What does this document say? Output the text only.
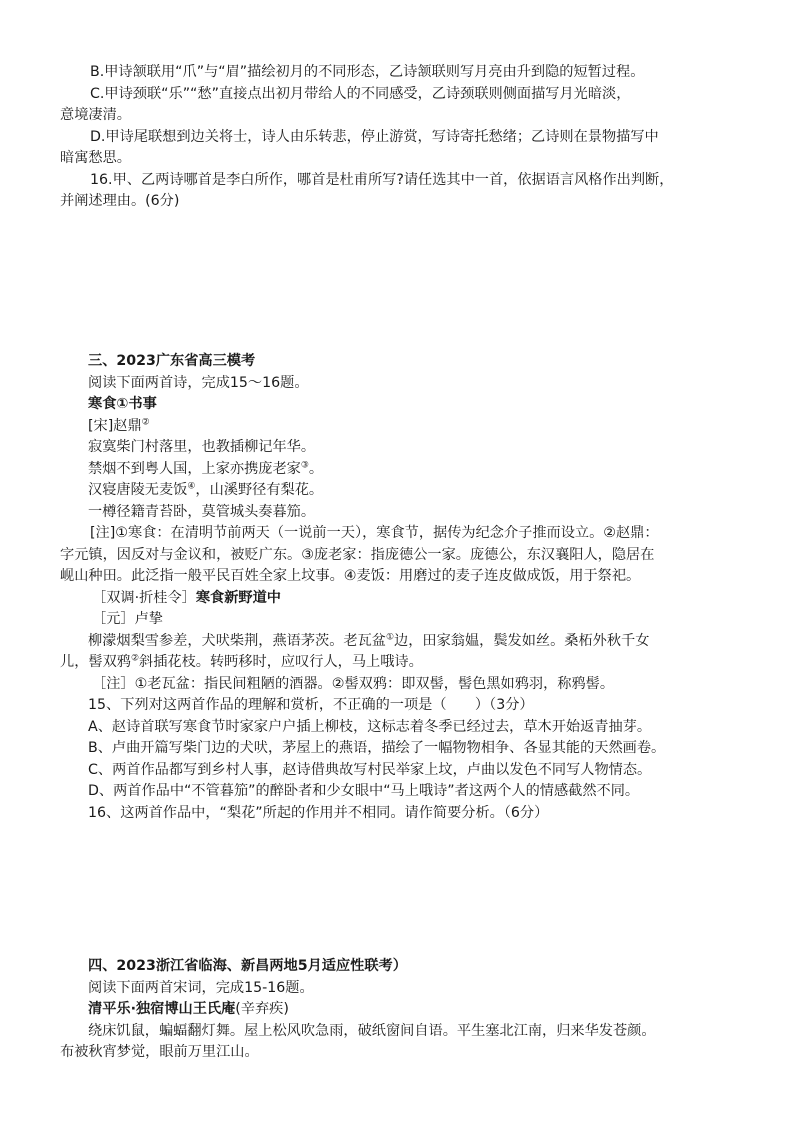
B.甲诗颔联用“爪”与“眉”描绘初月的不同形态，乙诗颔联则写月亮由升到隐的短暂过程。

C.甲诗颈联“乐”“愁”直接点出初月带给人的不同感受，乙诗颈联则侧面描写月光暗淡，

意境凄清。

D.甲诗尾联想到边关将士，诗人由乐转悲，停止游赏，写诗寄托愁绪；乙诗则在景物描写中

暗寓愁思。

16.甲、乙两诗哪首是李白所作，哪首是杜甫所写?请任选其中一首，依据语言风格作出判断，

并阐述理由。(6分)

三、2023广东省高三模考

阅读下面两首诗，完成15～16题。

寒食①书事

[宋]赵鼎②

寂寞柴门村落里，也教插柳记年华。

禁烟不到粤人国，上家亦携庞老家③。

汉寝唐陵无麦饭④，山溪野径有梨花。

一樽径籍青苔卧，莫管城头奏暮笳。

[注]①寒食：在清明节前两天（一说前一天），寒食节，据传为纪念介子推而设立。②赵鼎：

字元镇，因反对与金议和，被贬广东。③庞老家：指庞德公一家。庞德公，东汉襄阳人，隐居在

岘山种田。此泛指一般平民百姓全家上坟事。④麦饭：用磨过的麦子连皮做成饭，用于祭祀。

［双调·折桂令］寒食新野道中

［元］卢挚

柳濛烟梨雪参差，犬吠柴荆，燕语茅茨。老瓦盆①边，田家翁媪，鬓发如丝。桑柘外秋千女

儿，髻双鸦②斜插花枝。转眄移时，应叹行人，马上哦诗。

［注］①老瓦盆：指民间粗陋的酒器。②髻双鸦：即双髻，髻色黑如鸦羽，称鸦髻。

15、下列对这两首作品的理解和赏析，不正确的一项是（　　）（3分）

A、赵诗首联写寒食节时家家户户插上柳枝，这标志着冬季已经过去，草木开始返青抽芽。

B、卢曲开篇写柴门边的犬吠，茅屋上的燕语，描绘了一幅物物相争、各显其能的天然画卷。

C、两首作品都写到乡村人事，赵诗借典故写村民举家上坟，卢曲以发色不同写人物情态。

D、两首作品中“不管暮笳”的醉卧者和少女眼中“马上哦诗”者这两个人的情感截然不同。

16、这两首作品中，“梨花”所起的作用并不相同。请作简要分析。（6分）

四、2023浙江省临海、新昌两地5月适应性联考）

阅读下面两首宋词，完成15-16题。

清平乐·独宿博山王氏庵(辛弃疾)

绕床饥鼠，蝙蝠翻灯舞。屋上松风吹急雨，破纸窗间自语。平生塞北江南，归来华发苍颜。

布被秋宵梦觉，眼前万里江山。
